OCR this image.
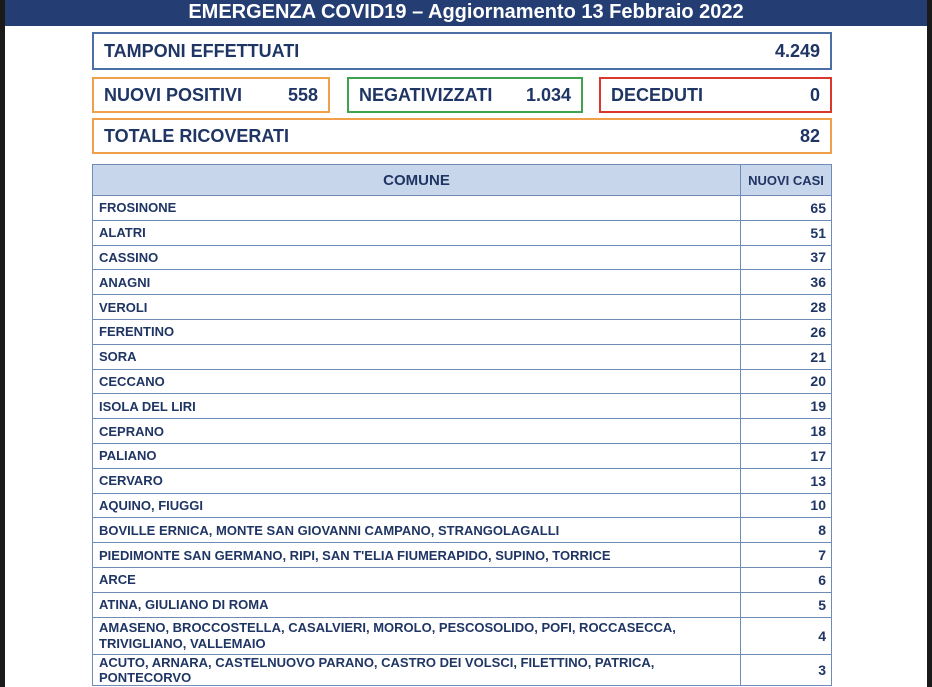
EMERGENZA COVID19 – Aggiornamento 13 Febbraio 2022
TAMPONI EFFETTUATI	4.249
NUOVI POSITIVI	558 NEGATIVIZZATI 1.034 DECEDUTI	0
TOTALE RICOVERATI	82
COMUNE	NUOVI CASI
FROSINONE	65
ALATRI	51
CASSINO	37
ANAGNI	36
VEROLI	28
FERENTINO	26
SORA	21
CECCANO	20
ISOLA DEL LIRI	19
CEPRANO	18
PALIANO	17
CERVARO	13
AQUINO, FIUGGI	10
BOVILLE ERNICA, MONTE SAN GIOVANNI CAMPANO, STRANGOLAGALLI	8
PIEDIMONTE SAN GERMANO, RIPI, SAN T'ELIA FIUMERAPIDO, SUPINO, TORRICE	7
ARCE	6
ATINA, GIULIANO DI ROMA	5
AMASENO, BROCCOSTELLA, CASALVIERI, MOROLO, PESCOSOLIDO, POFI, ROCCASECCA, TRIVIGLIANO, VALLEMAIO	4
ACUTO, ARNARA, CASTELNUOVO PARANO, CASTRO DEI VOLSCI, FILETTINO, PATRICA, PONTECORVO	3
